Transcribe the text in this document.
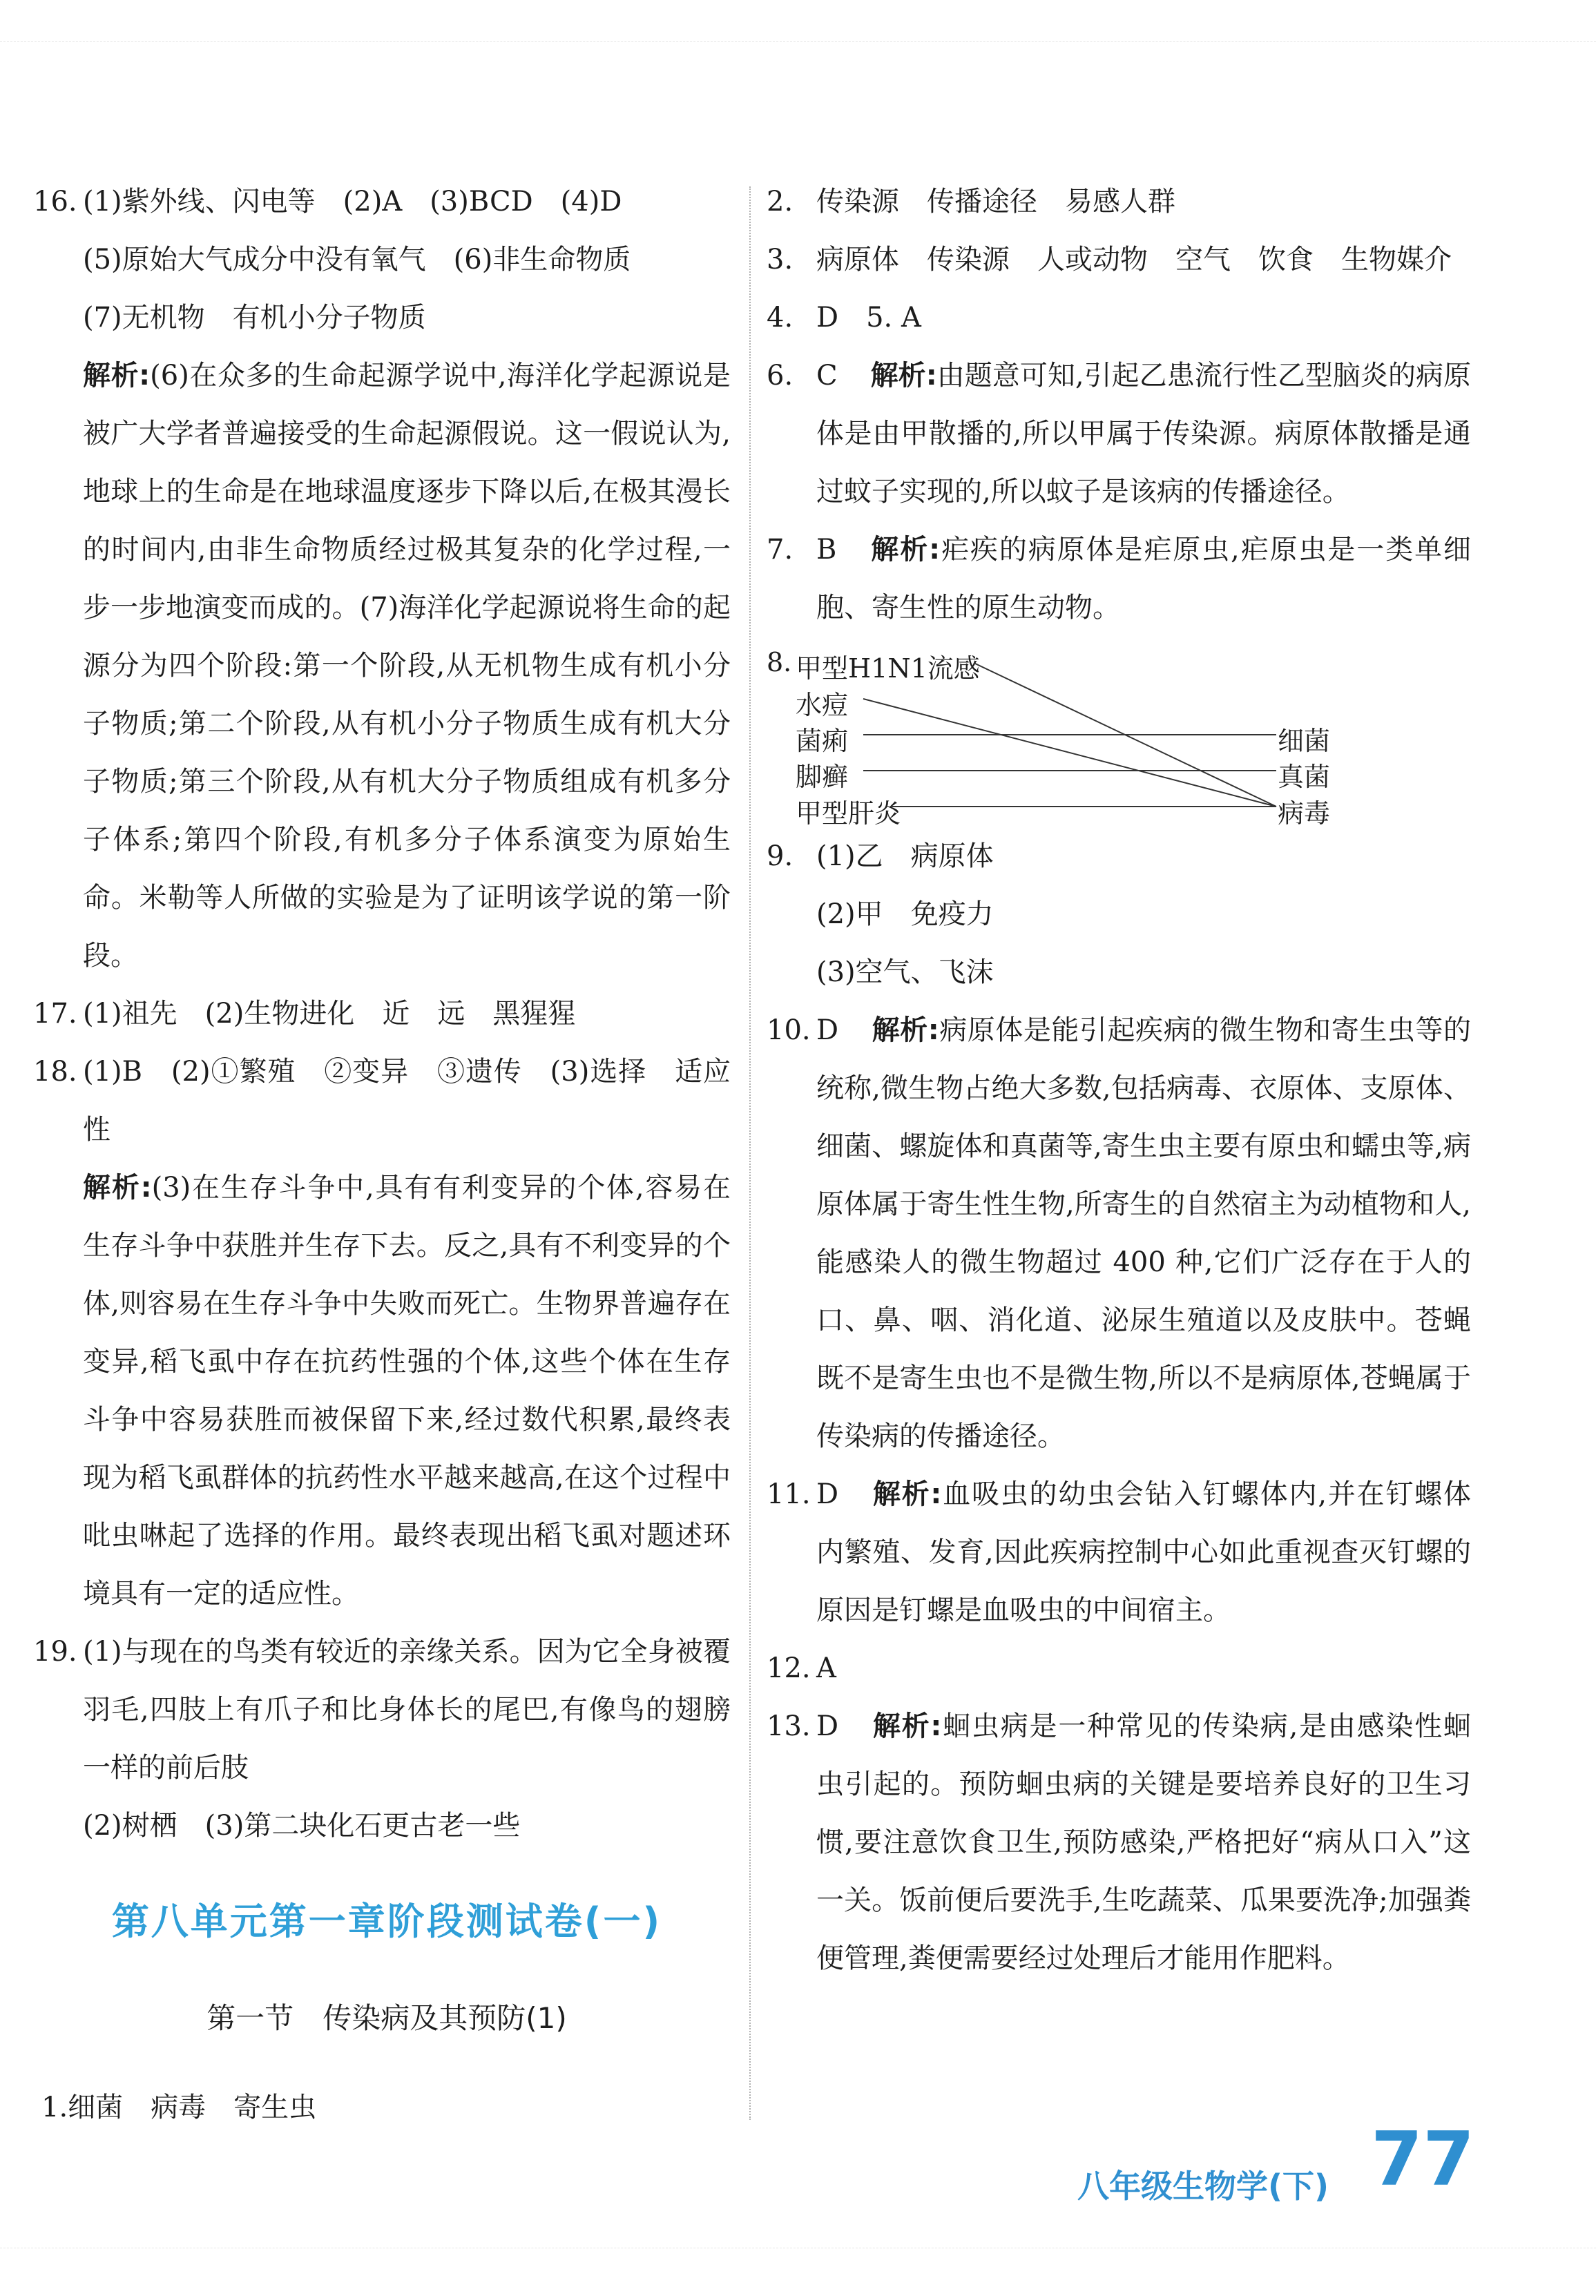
16. (1)紫外线、闪电等　(2)A　(3)BCD　(4)D
(5)原始大气成分中没有氧气　(6)非生命物质
(7)无机物　有机小分子物质
解析:(6)在众多的生命起源学说中,海洋化学起源说是被广大学者普遍接受的生命起源假说。这一假说认为,地球上的生命是在地球温度逐步下降以后,在极其漫长的时间内,由非生命物质经过极其复杂的化学过程,一步一步地演变而成的。(7)海洋化学起源说将生命的起源分为四个阶段:第一个阶段,从无机物生成有机小分子物质;第二个阶段,从有机小分子物质生成有机大分子物质;第三个阶段,从有机大分子物质组成有机多分子体系;第四个阶段,有机多分子体系演变为原始生命。米勒等人所做的实验是为了证明该学说的第一阶段。
17. (1)祖先　(2)生物进化　近　远　黑猩猩
18. (1)B　(2)①繁殖　②变异　③遗传　(3)选择　适应性
解析:(3)在生存斗争中,具有有利变异的个体,容易在生存斗争中获胜并生存下去。反之,具有不利变异的个体,则容易在生存斗争中失败而死亡。生物界普遍存在变异,稻飞虱中存在抗药性强的个体,这些个体在生存斗争中容易获胜而被保留下来,经过数代积累,最终表现为稻飞虱群体的抗药性水平越来越高,在这个过程中吡虫啉起了选择的作用。最终表现出稻飞虱对题述环境具有一定的适应性。
19. (1)与现在的鸟类有较近的亲缘关系。因为它全身被覆羽毛,四肢上有爪子和比身体长的尾巴,有像鸟的翅膀一样的前后肢
(2)树栖　(3)第二块化石更古老一些
第八单元第一章阶段测试卷(一)
第一节　传染病及其预防(1)
1.细菌　病毒　寄生虫
2. 传染源　传播途径　易感人群
3. 病原体　传染源　人或动物　空气　饮食　生物媒介
4. D　5. A
6. C 解析:由题意可知,引起乙患流行性乙型脑炎的病原体是由甲散播的,所以甲属于传染源。病原体散播是通过蚊子实现的,所以蚊子是该病的传播途径。
7. B 解析:疟疾的病原体是疟原虫,疟原虫是一类单细胞、寄生性的原生动物。
8. 甲型H1N1流感
水痘
菌痢
脚癣
甲型肝炎
细菌
真菌
病毒
9. (1)乙　病原体
(2)甲　免疫力
(3)空气、飞沫
10. D 解析:病原体是能引起疾病的微生物和寄生虫等的统称,微生物占绝大多数,包括病毒、衣原体、支原体、细菌、螺旋体和真菌等,寄生虫主要有原虫和蠕虫等,病原体属于寄生性生物,所寄生的自然宿主为动植物和人,能感染人的微生物超过 400 种,它们广泛存在于人的口、鼻、咽、消化道、泌尿生殖道以及皮肤中。苍蝇既不是寄生虫也不是微生物,所以不是病原体,苍蝇属于传染病的传播途径。
11. D 解析:血吸虫的幼虫会钻入钉螺体内,并在钉螺体内繁殖、发育,因此疾病控制中心如此重视查灭钉螺的原因是钉螺是血吸虫的中间宿主。
12. A
13. D 解析:蛔虫病是一种常见的传染病,是由感染性蛔虫引起的。预防蛔虫病的关键是要培养良好的卫生习惯,要注意饮食卫生,预防感染,严格把好“病从口入”这一关。饭前便后要洗手,生吃蔬菜、瓜果要洗净;加强粪便管理,粪便需要经过处理后才能用作肥料。
八年级生物学(下) 77
